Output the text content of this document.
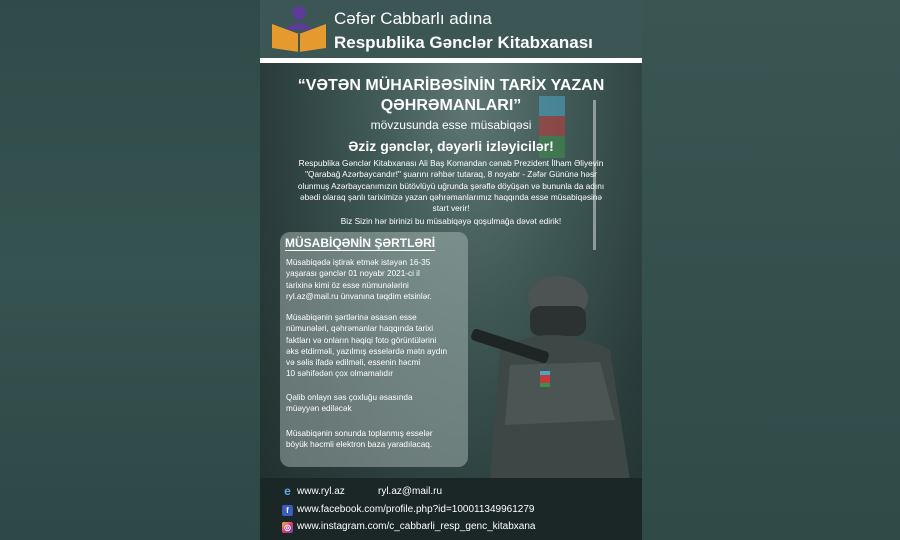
Cəfər Cabbarlı adına
Respublika Gənclər Kitabxanası
“VƏTƏN MÜHARİBƏSİNİN TARİX YAZAN
QƏHRƏMANLARI”
mövzusunda esse müsabiqəsi
Əziz gənclər, dəyərli izləyicilər!
Respublika Gənclər Kitabxanası Ali Baş Komandan cənab Prezident İlham Əliyevin
"Qarabağ Azərbaycandır!" şuarını rəhbər tutaraq, 8 noyabr - Zəfər Gününə həsr
olunmuş Azərbaycanımızın bütövlüyü uğrunda şərəflə döyüşən və bununla da adını
əbədi olaraq şanlı tariximizə yazan qəhrəmanlarımız haqqında esse müsabiqəsinə
start verir!
Biz Sizin hər birinizi bu müsabiqəyə qoşulmağa dəvət edirik!
MÜSABİQƏNİN ŞƏRTLƏRİ
Müsabiqədə iştirak etmək istəyən 16-35
yaşarası gənclər 01 noyabr 2021-ci il
tarixinə kimi öz esse nümunələrini
ryl.az@mail.ru ünvanına təqdim etsinlər.
Müsabiqənin şərtlərinə əsasən esse
nümunələri, qəhrəmanlar haqqında tarixi
faktları və onların həqiqi foto görüntülərini
əks etdirməli, yazılmış esselərdə mətn aydın
və səlis ifadə edilməli, essenin həcmi
10 səhifədən çox olmamalıdır
Qalib onlayn səs çoxluğu əsasında
müəyyən ediləcək
Müsabiqənin sonunda toplanmış esselər
böyük həcmli elektron baza yaradılacaq.
e www.ryl.az	ryl.az@mail.ru
f www.facebook.com/profile.php?id=100011349961279
◎ www.instagram.com/c_cabbarli_resp_genc_kitabxana
